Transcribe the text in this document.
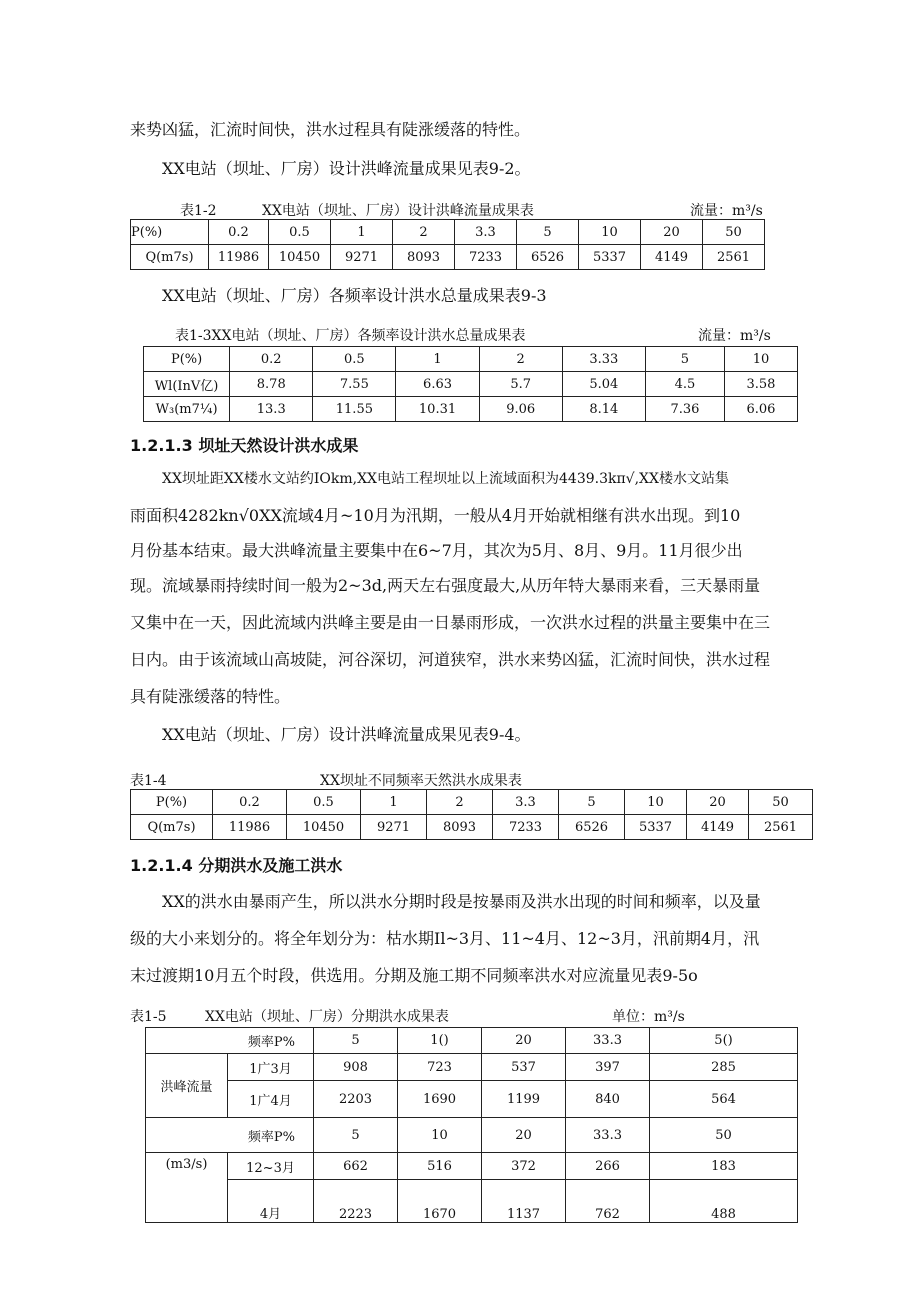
来势凶猛，汇流时间快，洪水过程具有陡涨缓落的特性。
XX电站（坝址、厂房）设计洪峰流量成果见表9-2。
表1-2	XX电站（坝址、厂房）设计洪峰流量成果表	流量：m³/s
P(%)	0.2	0.5	1	2	3.3	5	10	20	50
Q(m7s)	11986	10450	9271	8093	7233	6526	5337	4149	2561
XX电站（坝址、厂房）各频率设计洪水总量成果表9-3
表1-3XX电站（坝址、厂房）各频率设计洪水总量成果表	流量：m³/s
P(%)	0.2	0.5	1	2	3.33	5	10
Wl(InV亿)	8.78	7.55	6.63	5.7	5.04	4.5	3.58
W₃(m7¼)	13.3	11.55	10.31	9.06	8.14	7.36	6.06
1.2.1.3 坝址天然设计洪水成果
XX坝址距XX楼水文站约IOkm,XX电站工程坝址以上流域面积为4439.3kπ√,XX楼水文站集
雨面积4282kn√0XX流域4月~10月为汛期，一般从4月开始就相继有洪水出现。到10
月份基本结束。最大洪峰流量主要集中在6~7月，其次为5月、8月、9月。11月很少出
现。流域暴雨持续时间一般为2~3d,两天左右强度最大,从历年特大暴雨来看，三天暴雨量
又集中在一天，因此流域内洪峰主要是由一日暴雨形成，一次洪水过程的洪量主要集中在三
日内。由于该流域山高坡陡，河谷深切，河道狭窄，洪水来势凶猛，汇流时间快，洪水过程
具有陡涨缓落的特性。
XX电站（坝址、厂房）设计洪峰流量成果见表9-4。
表1-4	XX坝址不同频率天然洪水成果表
P(%)	0.2	0.5	1	2	3.3	5	10	20	50
Q(m7s)	11986	10450	9271	8093	7233	6526	5337	4149	2561
1.2.1.4 分期洪水及施工洪水
XX的洪水由暴雨产生，所以洪水分期时段是按暴雨及洪水出现的时间和频率，以及量
级的大小来划分的。将全年划分为：枯水期Il~3月、11~4月、12~3月，汛前期4月，汛
末过渡期10月五个时段，供选用。分期及施工期不同频率洪水对应流量见表9-5o
表1-5	XX电站（坝址、厂房）分期洪水成果表	单位：m³/s
频率P%		5	1()	20	33.3	5()
洪峰流量	1广3月	908	723	537	397	285
	1广4月	2203	1690	1199	840	564
频率P%		5	10	20	33.3	50
(m3/s)	12~3月	662	516	372	266	183
	4月	2223	1670	1137	762	488
